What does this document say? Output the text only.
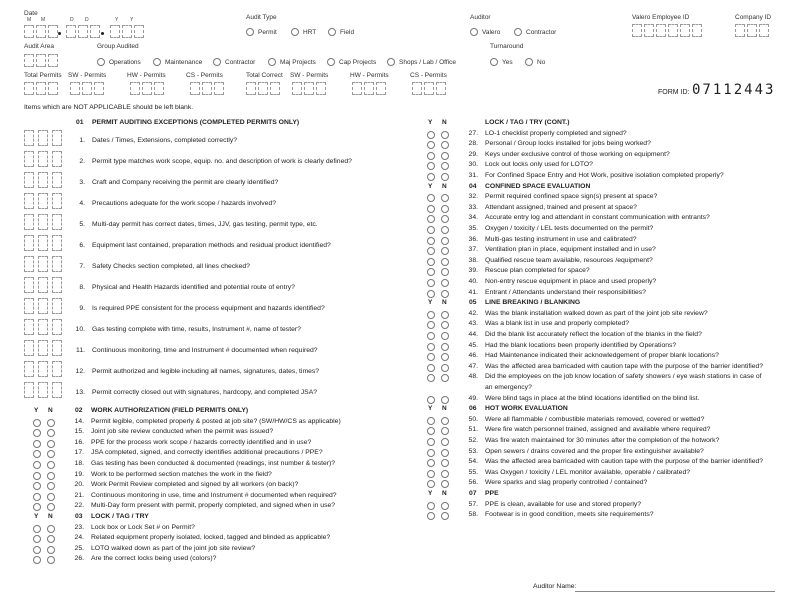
Date
M M	D D	Y Y	Audit Type
Permit	HRT	Field
Auditor
Valero	Contractor
Valero Employee ID	Company ID
Audit Area	Group Audited
Operations	Maintenance	Contractor	Maj Projects	Cap Projects	Shops / Lab / Office
Turnaround
Yes	No
Total Permits SW - Permits	HW - Permits	CS - Permits	Total Correct SW - Permits	HW - Permits	CS - Permits
FORM ID: 07112443
Items which are NOT APPLICABLE should be left blank.
01 PERMIT AUDITING EXCEPTIONS (COMPLETED PERMITS ONLY)
1. Dates / Times, Extensions, completed correctly?
2. Permit type matches work scope, equip. no. and description of work is clearly defined?
3. Craft and Company receiving the permit are clearly identified?
4. Precautions adequate for the work scope / hazards involved?
5. Multi-day permit has correct dates, times, JJV, gas testing, permit type, etc.
6. Equipment last contained, preparation methods and residual product identified?
7. Safety Checks section completed, all lines checked?
8. Physical and Health Hazards identified and potential route of entry?
9. Is required PPE consistent for the process equipment and hazards identified?
10. Gas testing complete with time, results, Instrument #, name of tester?
11. Continuous monitoring, time and Instrument # documented when required?
12. Permit authorized and legible including all names, signatures, dates, times?
13. Permit correctly closed out with signatures, hardcopy, and completed JSA?
Y N	02 WORK AUTHORIZATION (FIELD PERMITS ONLY)
14. Permit legible, completed properly & posted at job site? (SW/HW/CS as applicable)
15. Joint job site review conducted when the permit was issued?
16. PPE for the process work scope / hazards correctly identified and in use?
17. JSA completed, signed, and correctly identifies additional precautions / PPE?
18. Gas testing has been conducted & documented (readings, inst number & tester)?
19. Work to be performed section matches the work in the field?
20. Work Permit Review completed and signed by all workers (on back)?
21. Continuous monitoring in use, time and Instrument # documented when required?
22. Multi-Day form present with permit, properly completed, and signed when in use?
Y N	03 LOCK / TAG / TRY
23. Lock box or Lock Set # on Permit?
24. Related equipment properly isolated, locked, tagged and blinded as applicable?
25. LOTO walked down as part of the joint job site review?
26. Are the correct locks being used (colors)?
Y N	LOCK / TAG / TRY (CONT.)
27. LO-1 checklist properly completed and signed?
28. Personal / Group locks installed for jobs being worked?
29. Keys under exclusive control of those working on equipment?
30. Lock out locks only used for LOTO?
31. For Confined Space Entry and Hot Work, positive isolation completed properly?
Y N	04 CONFINED SPACE EVALUATION
32. Permit required confined space sign(s) present at space?
33. Attendant assigned, trained and present at space?
34. Accurate entry log and attendant in constant communication with entrants?
35. Oxygen / toxicity / LEL tests documented on the permit?
36. Multi-gas testing instrument in use and calibrated?
37. Ventilation plan in place, equipment installed and in use?
38. Qualified rescue team available, resources /equipment?
39. Rescue plan completed for space?
40. Non-entry rescue equipment in place and used properly?
41. Entrant / Attendants understand their responsibilities?
Y N	05 LINE BREAKING / BLANKING
42. Was the blank installation walked down as part of the joint job site review?
43. Was a blank list in use and properly completed?
44. Did the blank list accurately reflect the location of the blanks in the field?
45. Had the blank locations been properly identified by Operations?
46. Had Maintenance indicated their acknowledgement of proper blank locations?
47. Was the affected area barricaded with caution tape with the purpose of the barrier identified?
48. Did the employees on the job know location of safety showers / eye wash stations in case of
an emergency?
49. Were blind tags in place at the blind locations identified on the blind list.
Y N	06 HOT WORK EVALUATION
50. Were all flammable / combustible materials removed, covered or wetted?
51. Were fire watch personnel trained, assigned and available where required?
52. Was fire watch maintained for 30 minutes after the completion of the hotwork?
53. Open sewers / drains covered and the proper fire extinguisher available?
54. Was the affected area barricaded with caution tape with the purpose of the barrier identified?
55. Was Oxygen / toxicity / LEL monitor available, operable / calibrated?
56. Were sparks and slag properly controlled / contained?
Y N	07 PPE
57. PPE is clean, available for use and stored properly?
58. Footwear is in good condition, meets site requirements?
Auditor Name:
